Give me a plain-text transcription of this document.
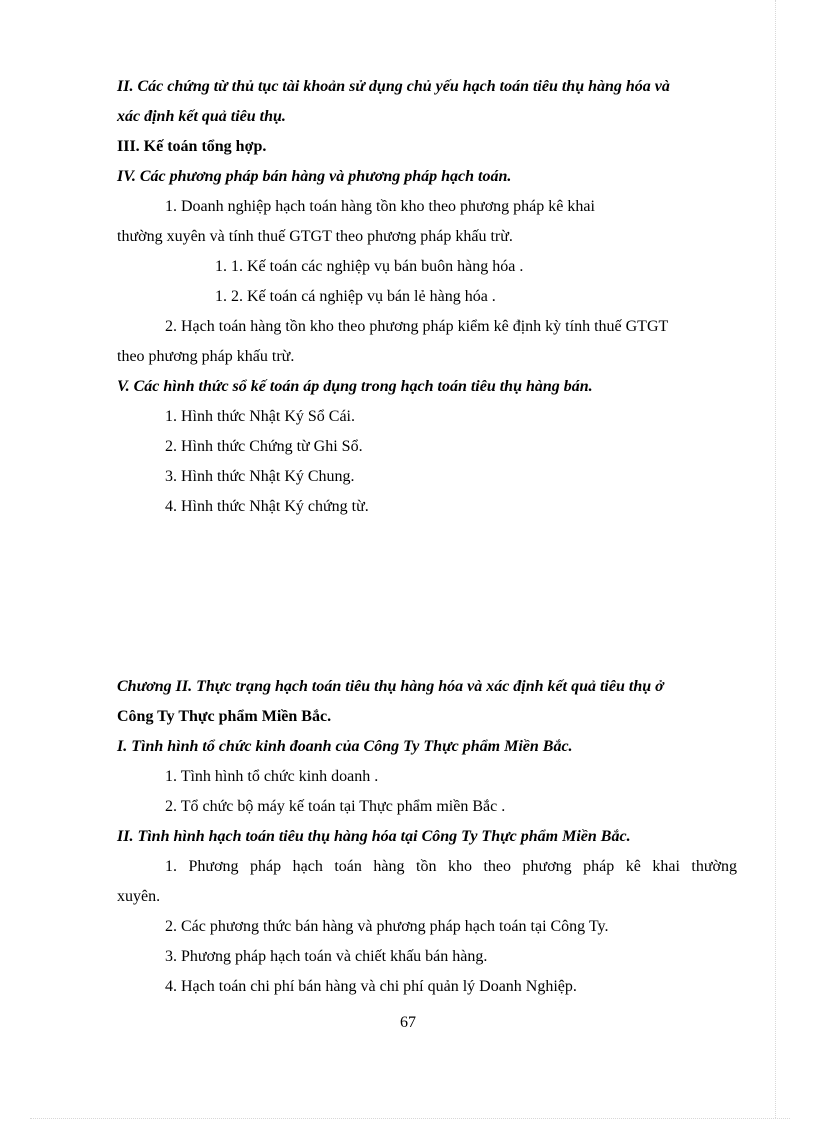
II. Các chứng từ thủ tục tài khoản sử dụng chủ yếu hạch toán tiêu thụ hàng hóa và
xác định kết quả tiêu thụ.
III. Kế toán tổng hợp.
IV. Các phương pháp bán hàng và phương pháp hạch toán.
1. Doanh nghiệp hạch toán hàng tồn kho theo phương pháp kê khai
thường xuyên và tính thuế GTGT theo phương pháp khấu trừ.
1. 1. Kế toán các nghiệp vụ bán buôn hàng hóa .
1. 2. Kế toán cá nghiệp vụ bán lẻ hàng hóa .
2. Hạch toán hàng tồn kho theo phương pháp kiểm kê định kỳ tính thuế GTGT
theo phương pháp khấu trừ.
V. Các hình thức sổ kế toán áp dụng trong hạch toán tiêu thụ hàng bán.
1. Hình thức Nhật Ký Sổ Cái.
2. Hình thức Chứng từ Ghi Sổ.
3. Hình thức Nhật Ký Chung.
4. Hình thức Nhật Ký chứng từ.
Chương II. Thực trạng hạch toán tiêu thụ hàng hóa và xác định kết quả tiêu thụ ở
Công Ty Thực phẩm Miền Bắc.
I. Tình hình tổ chức kinh đoanh của Công Ty Thực phẩm Miền Bắc.
1. Tình hình tổ chức kinh doanh .
2. Tổ chức bộ máy kế toán tại Thực phẩm miền Bắc .
II. Tình hình hạch toán tiêu thụ hàng hóa tại Công Ty Thực phẩm Miền Bắc.
1. Phương pháp hạch toán hàng tồn kho theo phương pháp kê khai thường
xuyên.
2. Các phương thức bán hàng và phương pháp hạch toán tại Công Ty.
3. Phương pháp hạch toán và chiết khấu bán hàng.
4. Hạch toán chi phí bán hàng và chi phí quản lý Doanh Nghiệp.
67
